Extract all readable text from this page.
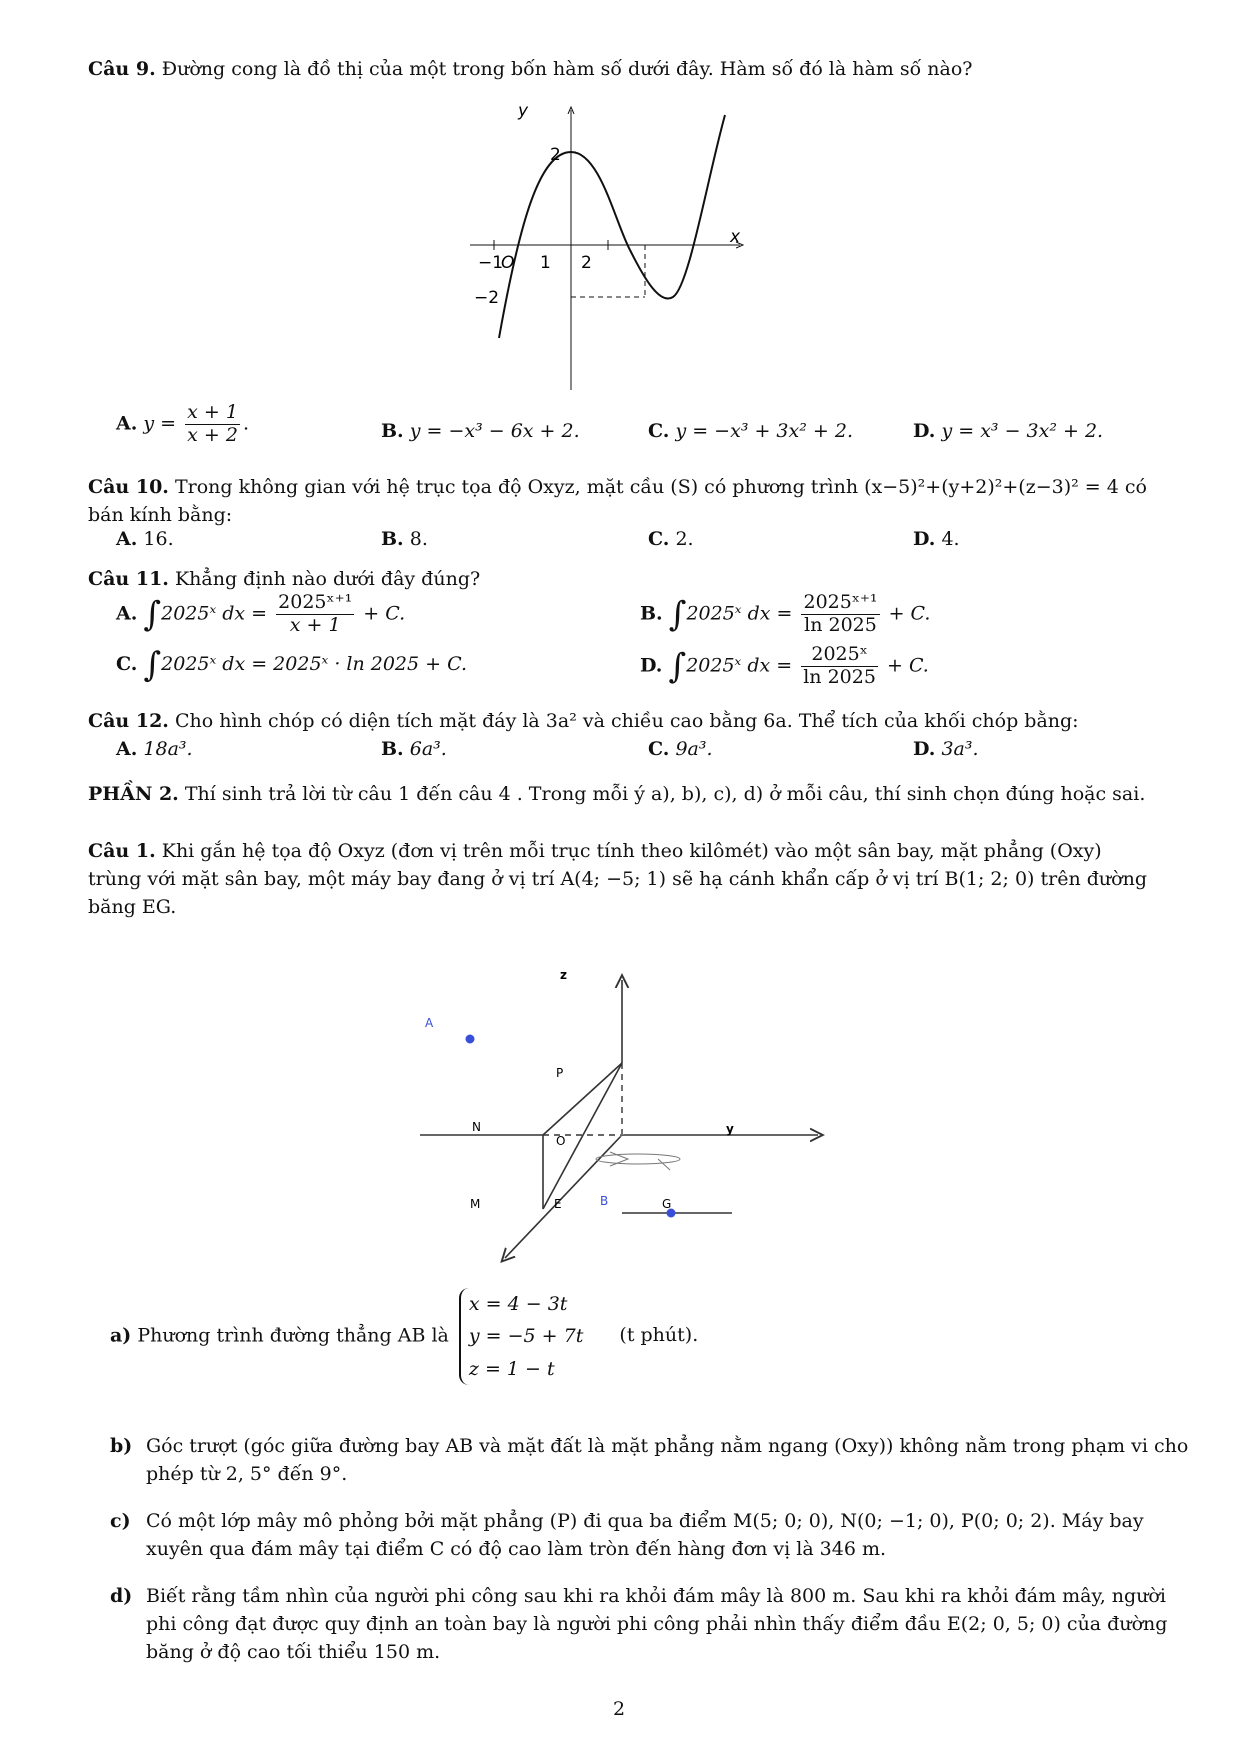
Câu 9. Đường cong là đồ thị của một trong bốn hàm số dưới đây. Hàm số đó là hàm số nào?
y
x
2
−1
O 1 2
−2
A. $y = \frac{x + 1}{x + 2}$ .	B. y = −x³ − 6x + 2.	C. y = −x³ + 3x² + 2.	D. y = x³ − 3x² + 2.
Câu 10. Trong không gian với hệ trục tọa độ Oxyz, mặt cầu (S) có phương trình (x−5)²+(y+2)²+(z−3)² = 4 có bán kính bằng:
A. 16.	B. 8.	C. 2.	D. 4.
Câu 11. Khẳng định nào dưới đây đúng?
A. ∫2025ˣ dx = $\frac{\text{2025ˣ⁺¹}}{x + 1} + C$.	B. ∫2025ˣ dx = $\frac{\text{2025ˣ⁺¹}}{\ln 2025} + C$.
C. ∫2025ˣ dx = 2025ˣ · ln 2025 + C.	D. ∫2025ˣ dx = $\frac{\text{2025ˣ}}{\ln 2025} + C$.
Câu 12. Cho hình chóp có diện tích mặt đáy là 3a² và chiều cao bằng 6a. Thể tích của khối chóp bằng:
A. 18a³.	B. 6a³.	C. 9a³.	D. 3a³.
PHẦN 2. Thí sinh trả lời từ câu 1 đến câu 4 . Trong mỗi ý a), b), c), d) ở mỗi câu, thí sinh chọn đúng hoặc sai.
Câu 1. Khi gắn hệ tọa độ Oxyz (đơn vị trên mỗi trục tính theo kilômét) vào một sân bay, mặt phẳng (Oxy) trùng với mặt sân bay, một máy bay đang ở vị trí A(4; −5; 1) sẽ hạ cánh khẩn cấp ở vị trí B(1; 2; 0) trên đường băng EG.
z
y
A
P
N
O
M	E	B	G
a) Phương trình đường thẳng AB là x = 4 − 3t
y = −5 + 7t
z = 1 − t (t phút).
b) Góc trượt (góc giữa đường bay AB và mặt đất là mặt phẳng nằm ngang (Oxy)) không nằm trong phạm vi cho phép từ 2, 5° đến 9°.
c) Có một lớp mây mô phỏng bởi mặt phẳng (P) đi qua ba điểm M(5; 0; 0), N(0; −1; 0), P(0; 0; 2). Máy bay xuyên qua đám mây tại điểm C có độ cao làm tròn đến hàng đơn vị là 346 m.
d) Biết rằng tầm nhìn của người phi công sau khi ra khỏi đám mây là 800 m. Sau khi ra khỏi đám mây, người phi công đạt được quy định an toàn bay là người phi công phải nhìn thấy điểm đầu E(2; 0, 5; 0) của đường băng ở độ cao tối thiểu 150 m.
2
